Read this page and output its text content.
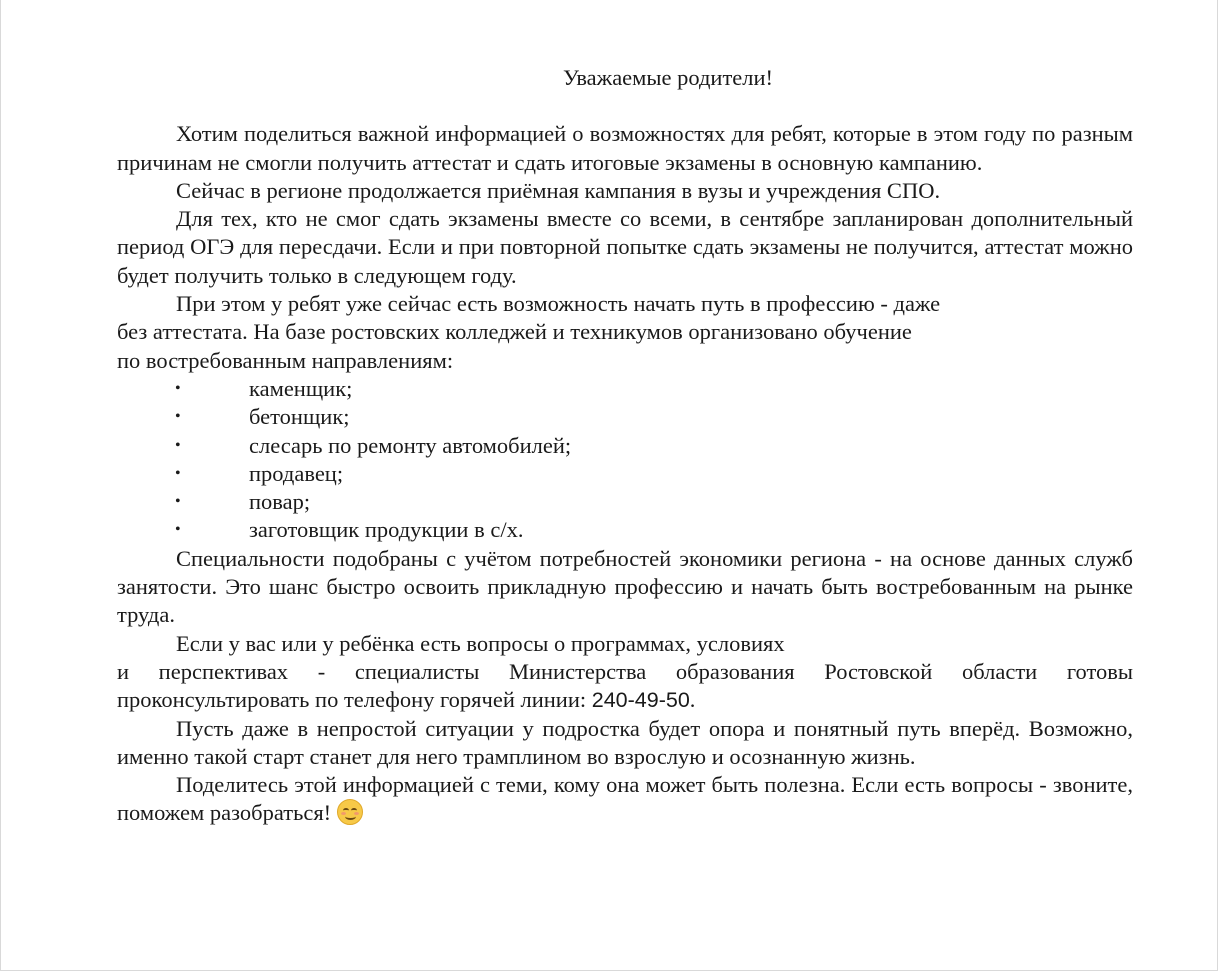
Уважаемые родители!

Хотим поделиться важной информацией о возможностях для ребят, которые в этом году по разным причинам не смогли получить аттестат и сдать итоговые экзамены в основную кампанию.

Сейчас в регионе продолжается приёмная кампания в вузы и учреждения СПО.

Для тех, кто не смог сдать экзамены вместе со всеми, в сентябре запланирован дополнительный период ОГЭ для пересдачи. Если и при повторной попытке сдать экзамены не получится, аттестат можно будет получить только в следующем году.

При этом у ребят уже сейчас есть возможность начать путь в профессию - даже
без аттестата. На базе ростовских колледжей и техникумов организовано обучение
по востребованным направлениям:

•	каменщик;
•	бетонщик;
•	слесарь по ремонту автомобилей;
•	продавец;
•	повар;
•	заготовщик продукции в с/х.

Специальности подобраны с учётом потребностей экономики региона - на основе данных служб занятости. Это шанс быстро освоить прикладную профессию и начать быть востребованным на рынке труда.

Если у вас или у ребёнка есть вопросы о программах, условиях
и перспективах - специалисты Министерства образования Ростовской области готовы проконсультировать по телефону горячей линии: 240-49-50.

Пусть даже в непростой ситуации у подростка будет опора и понятный путь вперёд. Возможно, именно такой старт станет для него трамплином во взрослую и осознанную жизнь.

Поделитесь этой информацией с теми, кому она может быть полезна. Если есть вопросы - звоните, поможем разобраться!
